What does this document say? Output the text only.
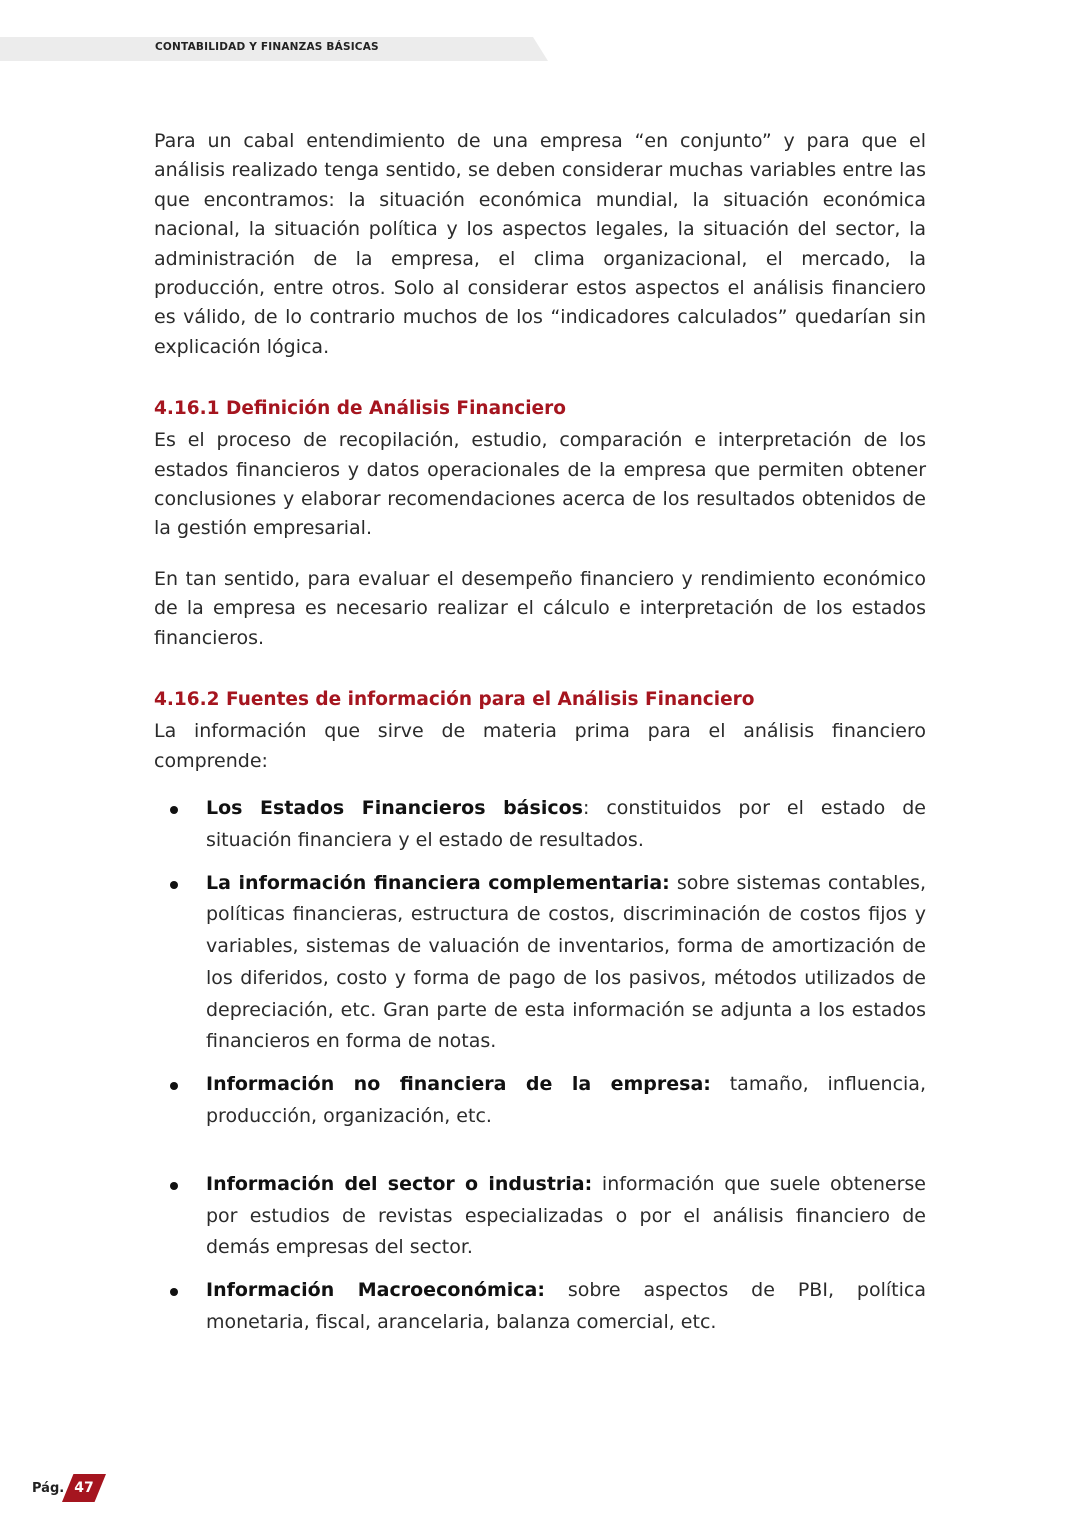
CONTABILIDAD Y FINANZAS BÁSICAS

Para un cabal entendimiento de una empresa “en conjunto” y para que el análisis realizado tenga sentido, se deben considerar muchas variables entre las que encontramos: la situación económica mundial, la situación económica nacional, la situación política y los aspectos legales, la situación del sector, la administración de la empresa, el clima organizacional, el mercado, la producción, entre otros. Solo al considerar estos aspectos el análisis financiero es válido, de lo contrario muchos de los “indicadores calculados” quedarían sin explicación lógica.

4.16.1 Definición de Análisis Financiero

Es el proceso de recopilación, estudio, comparación e interpretación de los estados financieros y datos operacionales de la empresa que permiten obtener conclusiones y elaborar recomendaciones acerca de los resultados obtenidos de la gestión empresarial.

En tan sentido, para evaluar el desempeño financiero y rendimiento económico de la empresa es necesario realizar el cálculo e interpretación de los estados financieros.

4.16.2 Fuentes de información para el Análisis Financiero

La información que sirve de materia prima para el análisis financiero comprende:

Los Estados Financieros básicos: constituidos por el estado de situación financiera y el estado de resultados.
La información financiera complementaria: sobre sistemas contables, políticas financieras, estructura de costos, discriminación de costos fijos y variables, sistemas de valuación de inventarios, forma de amortización de los diferidos, costo y forma de pago de los pasivos, métodos utilizados de depreciación, etc. Gran parte de esta información se adjunta a los estados financieros en forma de notas.
Información no financiera de la empresa: tamaño, influencia, producción, organización, etc.
Información del sector o industria: información que suele obtenerse por estudios de revistas especializadas o por el análisis financiero de demás empresas del sector.
Información Macroeconómica: sobre aspectos de PBI, política monetaria, fiscal, arancelaria, balanza comercial, etc.
Pág. 47
